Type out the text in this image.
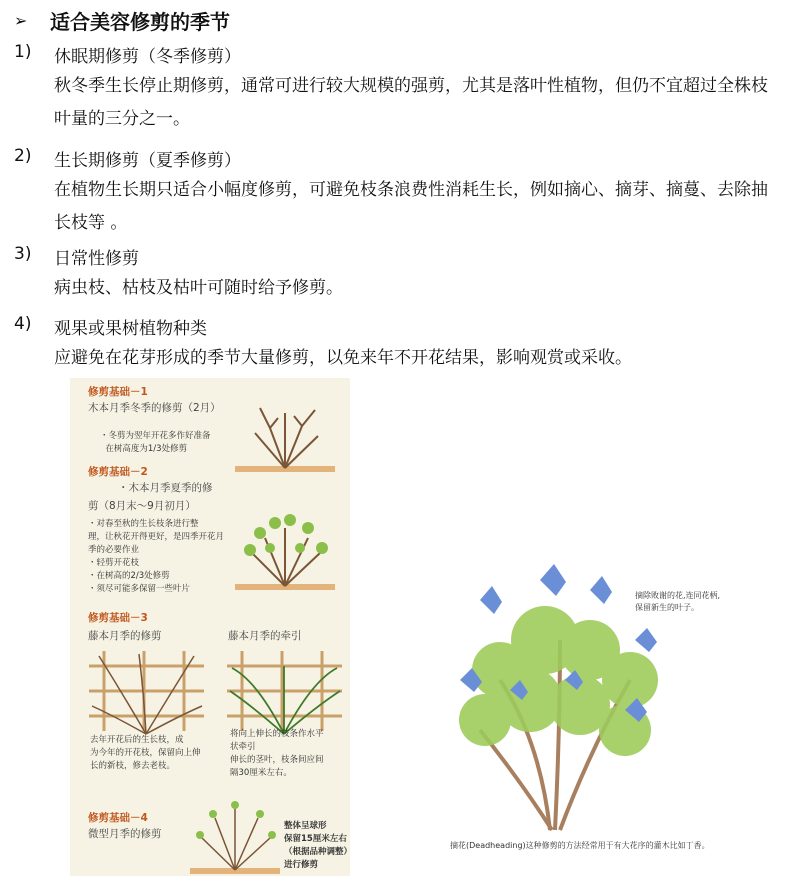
➢	适合美容修剪的季节
1) 休眠期修剪（冬季修剪）
秋冬季生长停止期修剪，通常可进行较大规模的强剪，尤其是落叶性植物，但仍不宜超过全株枝叶量的三分之一。
2) 生长期修剪（夏季修剪）
在植物生长期只适合小幅度修剪，可避免枝条浪费性消耗生长，例如摘心、摘芽、摘蔓、去除抽长枝等 。
3) 日常性修剪
病虫枝、枯枝及枯叶可随时给予修剪。
4) 观果或果树植物种类
应避免在花芽形成的季节大量修剪，以免来年不开花结果，影响观赏或采收。
修剪基础－1
木本月季冬季的修剪（2月）
・冬剪为翌年开花多作好准备
在树高度为1/3处修剪
修剪基础－2
・木本月季夏季的修
剪（8月末～9月初月）
・对春至秋的生长枝条进行整
理，让秋花开得更好，是四季开花月
季的必要作业
・轻剪开花枝
・在树高的2/3处修剪
・须尽可能多保留一些叶片
修剪基础－3
藤本月季的修剪	藤本月季的牵引
去年开花后的生长枝，成
为今年的开花枝，保留向上伸
长的新枝，修去老枝。
将向上伸长的枝条作水平
状牵引
伸长的茎叶，枝条间应间
隔30厘米左右。
修剪基础－4
微型月季的修剪
整体呈球形
保留15厘米左右
（根据品种调整）
进行修剪
摘除败谢的花,连同花柄,
保留新生的叶子。
摘花(Deadheading)这种修剪的方法经常用于有大花序的灌木比如丁香。
